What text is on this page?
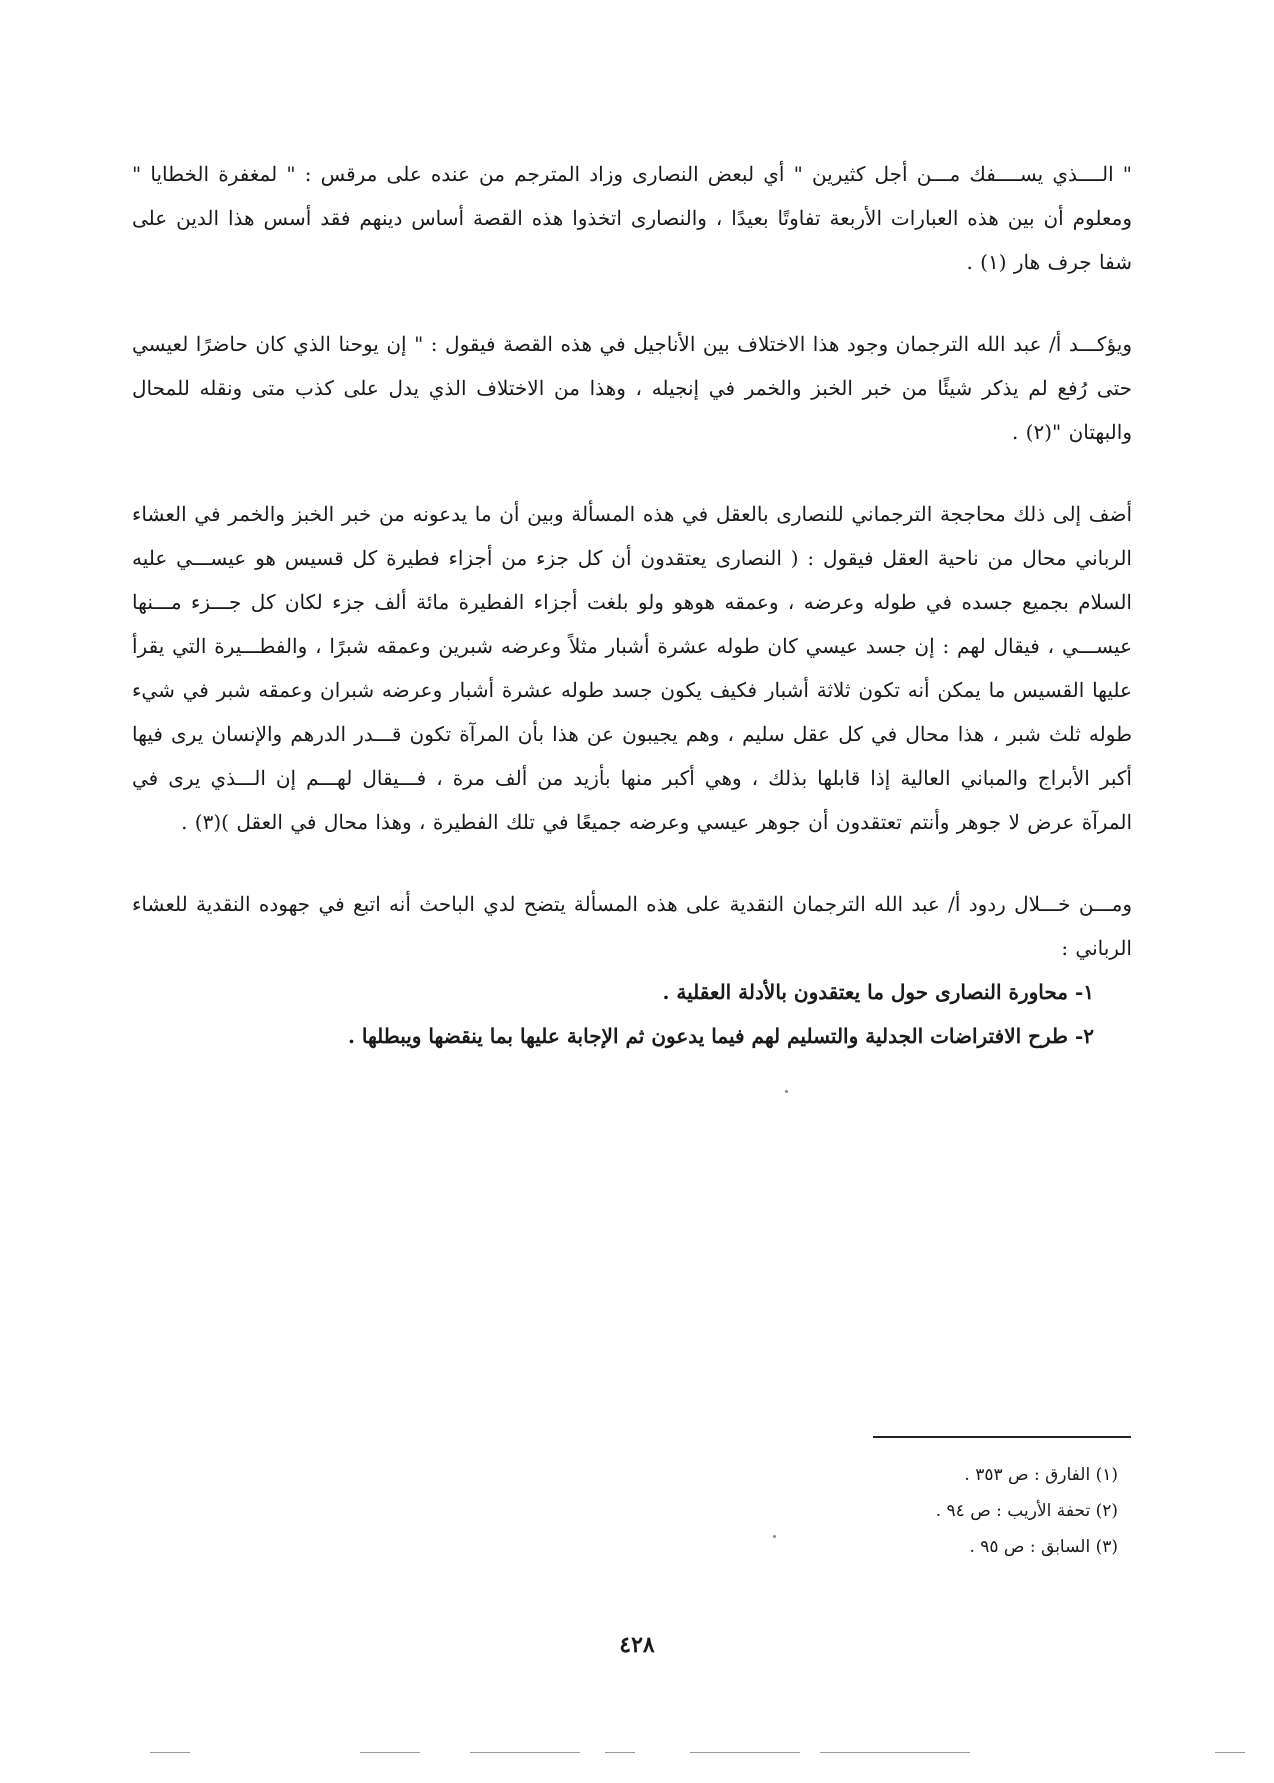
" الــــذي يســــفك مـــن أجل كثيرين " أي لبعض النصارى وزاد المترجم من عنده على مرقس : " لمغفرة الخطايا " ومعلوم أن بين هذه العبارات الأربعة تفاوتًا بعيدًا ، والنصارى اتخذوا هذه القصة أساس دينهم فقد أسس هذا الدين على شفا جرف هار (١) .

ويؤكـــد أ/ عبد الله الترجمان وجود هذا الاختلاف بين الأناجيل في هذه القصة فيقول : " إن يوحنا الذي كان حاضرًا لعيسي حتى رُفع لم يذكر شيئًا من خبر الخبز والخمر في إنجيله ، وهذا من الاختلاف الذي يدل على كذب متى ونقله للمحال والبهتان "(٢) .

أضف إلى ذلك محاججة الترجماني للنصارى بالعقل في هذه المسألة وبين أن ما يدعونه من خبر الخبز والخمر في العشاء الرباني محال من ناحية العقل فيقول : ( النصارى يعتقدون أن كل جزء من أجزاء فطيرة كل قسيس هو عيســـي عليه السلام بجميع جسده في طوله وعرضه ، وعمقه هوهو ولو بلغت أجزاء الفطيرة مائة ألف جزء لكان كل جـــزء مـــنها عيســـي ، فيقال لهم : إن جسد عيسي كان طوله عشرة أشبار مثلاً وعرضه شبرين وعمقه شبرًا ، والفطـــيرة التي يقرأ عليها القسيس ما يمكن أنه تكون ثلاثة أشبار فكيف يكون جسد طوله عشرة أشبار وعرضه شبران وعمقه شبر في شيء طوله ثلث شبر ، هذا محال في كل عقل سليم ، وهم يجيبون عن هذا بأن المرآة تكون قـــدر الدرهم والإنسان يرى فيها أكبر الأبراج والمباني العالية إذا قابلها بذلك ، وهي أكبر منها بأزيد من ألف مرة ، فـــيقال لهـــم إن الـــذي يرى في المرآة عرض لا جوهر وأنتم تعتقدون أن جوهر عيسي وعرضه جميعًا في تلك الفطيرة ، وهذا محال في العقل )(٣) .

ومـــن خـــلال ردود أ/ عبد الله الترجمان النقدية على هذه المسألة يتضح لدي الباحث أنه اتبع في جهوده النقدية للعشاء الرباني :

١- محاورة النصارى حول ما يعتقدون بالأدلة العقلية .
٢- طرح الافتراضات الجدلية والتسليم لهم فيما يدعون ثم الإجابة عليها بما ينقضها ويبطلها .
(١) الفارق : ص ٣٥٣ .
(٢) تحفة الأريب : ص ٩٤ .
(٣) السابق : ص ٩٥ .
٤٢٨
